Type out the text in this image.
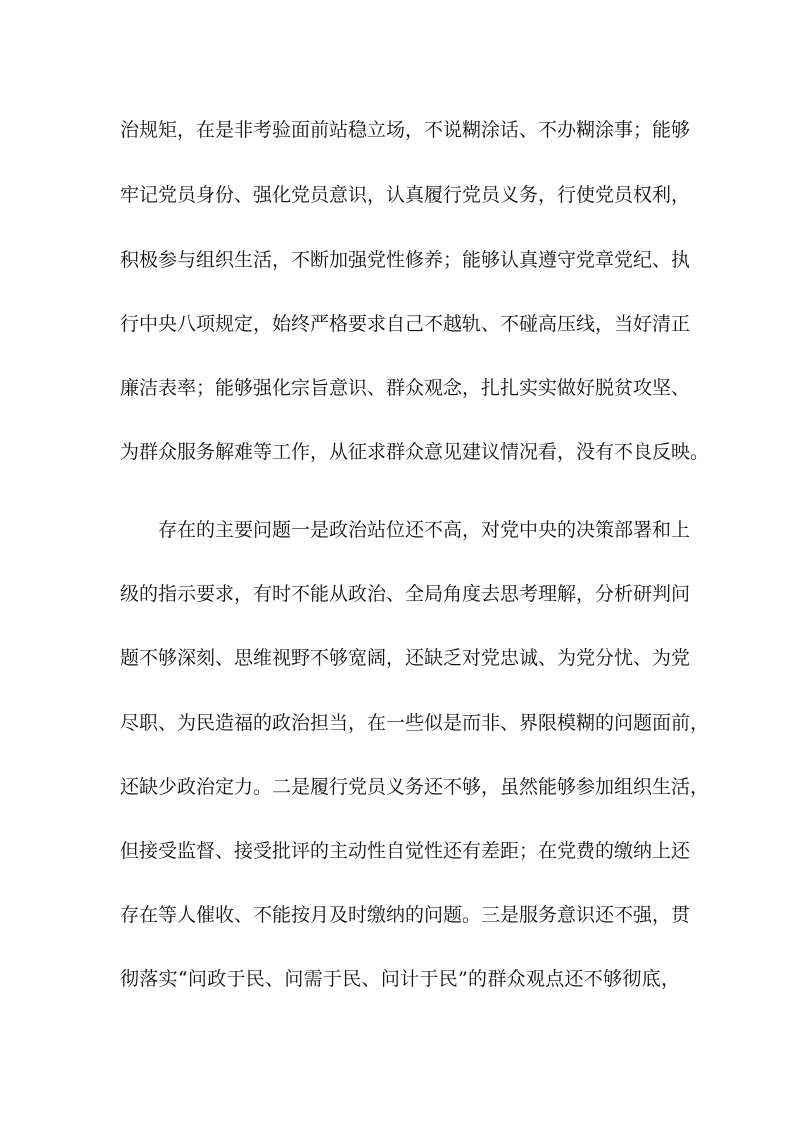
治规矩，在是非考验面前站稳立场，不说糊涂话、不办糊涂事；能够
牢记党员身份、强化党员意识，认真履行党员义务，行使党员权利，
积极参与组织生活，不断加强党性修养；能够认真遵守党章党纪、执
行中央八项规定，始终严格要求自己不越轨、不碰高压线，当好清正
廉洁表率；能够强化宗旨意识、群众观念，扎扎实实做好脱贫攻坚、
为群众服务解难等工作，从征求群众意见建议情况看，没有不良反映。
存在的主要问题一是政治站位还不高，对党中央的决策部署和上
级的指示要求，有时不能从政治、全局角度去思考理解，分析研判问
题不够深刻、思维视野不够宽阔，还缺乏对党忠诚、为党分忧、为党
尽职、为民造福的政治担当，在一些似是而非、界限模糊的问题面前，
还缺少政治定力。二是履行党员义务还不够，虽然能够参加组织生活，
但接受监督、接受批评的主动性自觉性还有差距；在党费的缴纳上还
存在等人催收、不能按月及时缴纳的问题。三是服务意识还不强，贯
彻落实“问政于民、问需于民、问计于民”的群众观点还不够彻底，
